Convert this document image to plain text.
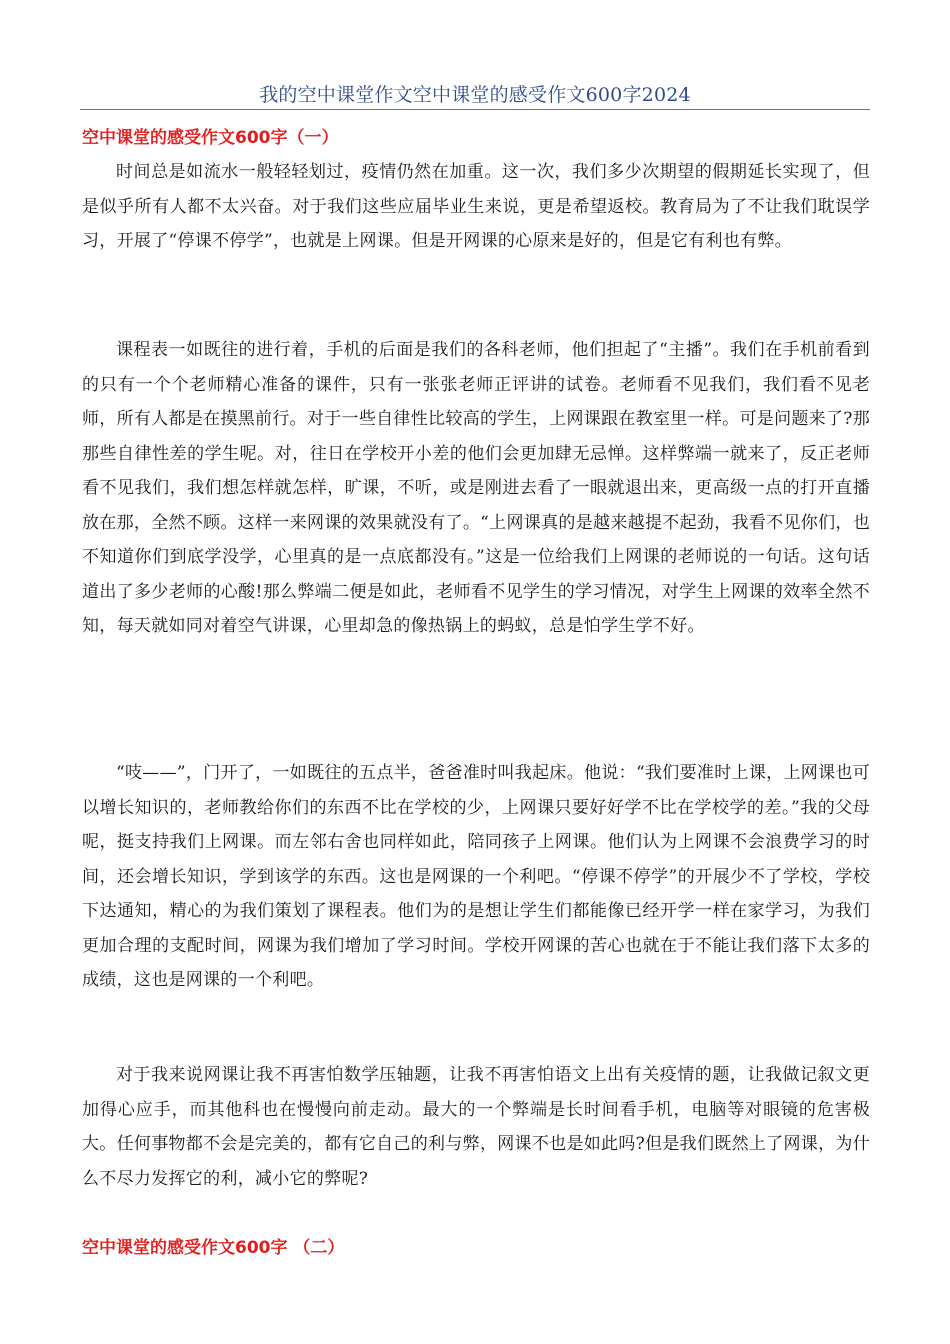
我的空中课堂作文空中课堂的感受作文600字2024
空中课堂的感受作文600字（一）

时间总是如流水一般轻轻划过，疫情仍然在加重。这一次，我们多少次期望的假期延长实现了，但是似乎所有人都不太兴奋。对于我们这些应届毕业生来说，更是希望返校。教育局为了不让我们耽误学习，开展了“停课不停学”，也就是上网课。但是开网课的心原来是好的，但是它有利也有弊。

课程表一如既往的进行着，手机的后面是我们的各科老师，他们担起了“主播”。我们在手机前看到的只有一个个老师精心准备的课件，只有一张张老师正评讲的试卷。老师看不见我们，我们看不见老师，所有人都是在摸黑前行。对于一些自律性比较高的学生，上网课跟在教室里一样。可是问题来了?那那些自律性差的学生呢。对，往日在学校开小差的他们会更加肆无忌惮。这样弊端一就来了，反正老师看不见我们，我们想怎样就怎样，旷课，不听，或是刚进去看了一眼就退出来，更高级一点的打开直播放在那，全然不顾。这样一来网课的效果就没有了。“上网课真的是越来越提不起劲，我看不见你们，也不知道你们到底学没学，心里真的是一点底都没有。”这是一位给我们上网课的老师说的一句话。这句话道出了多少老师的心酸!那么弊端二便是如此，老师看不见学生的学习情况，对学生上网课的效率全然不知，每天就如同对着空气讲课，心里却急的像热锅上的蚂蚁，总是怕学生学不好。

“吱——”，门开了，一如既往的五点半，爸爸准时叫我起床。他说：“我们要准时上课，上网课也可以增长知识的，老师教给你们的东西不比在学校的少，上网课只要好好学不比在学校学的差。”我的父母呢，挺支持我们上网课。而左邻右舍也同样如此，陪同孩子上网课。他们认为上网课不会浪费学习的时间，还会增长知识，学到该学的东西。这也是网课的一个利吧。“停课不停学”的开展少不了学校，学校下达通知，精心的为我们策划了课程表。他们为的是想让学生们都能像已经开学一样在家学习，为我们更加合理的支配时间，网课为我们增加了学习时间。学校开网课的苦心也就在于不能让我们落下太多的成绩，这也是网课的一个利吧。

对于我来说网课让我不再害怕数学压轴题，让我不再害怕语文上出有关疫情的题，让我做记叙文更加得心应手，而其他科也在慢慢向前走动。最大的一个弊端是长时间看手机，电脑等对眼镜的危害极大。任何事物都不会是完美的，都有它自己的利与弊，网课不也是如此吗?但是我们既然上了网课，为什么不尽力发挥它的利，减小它的弊呢?

空中课堂的感受作文600字 （二）
